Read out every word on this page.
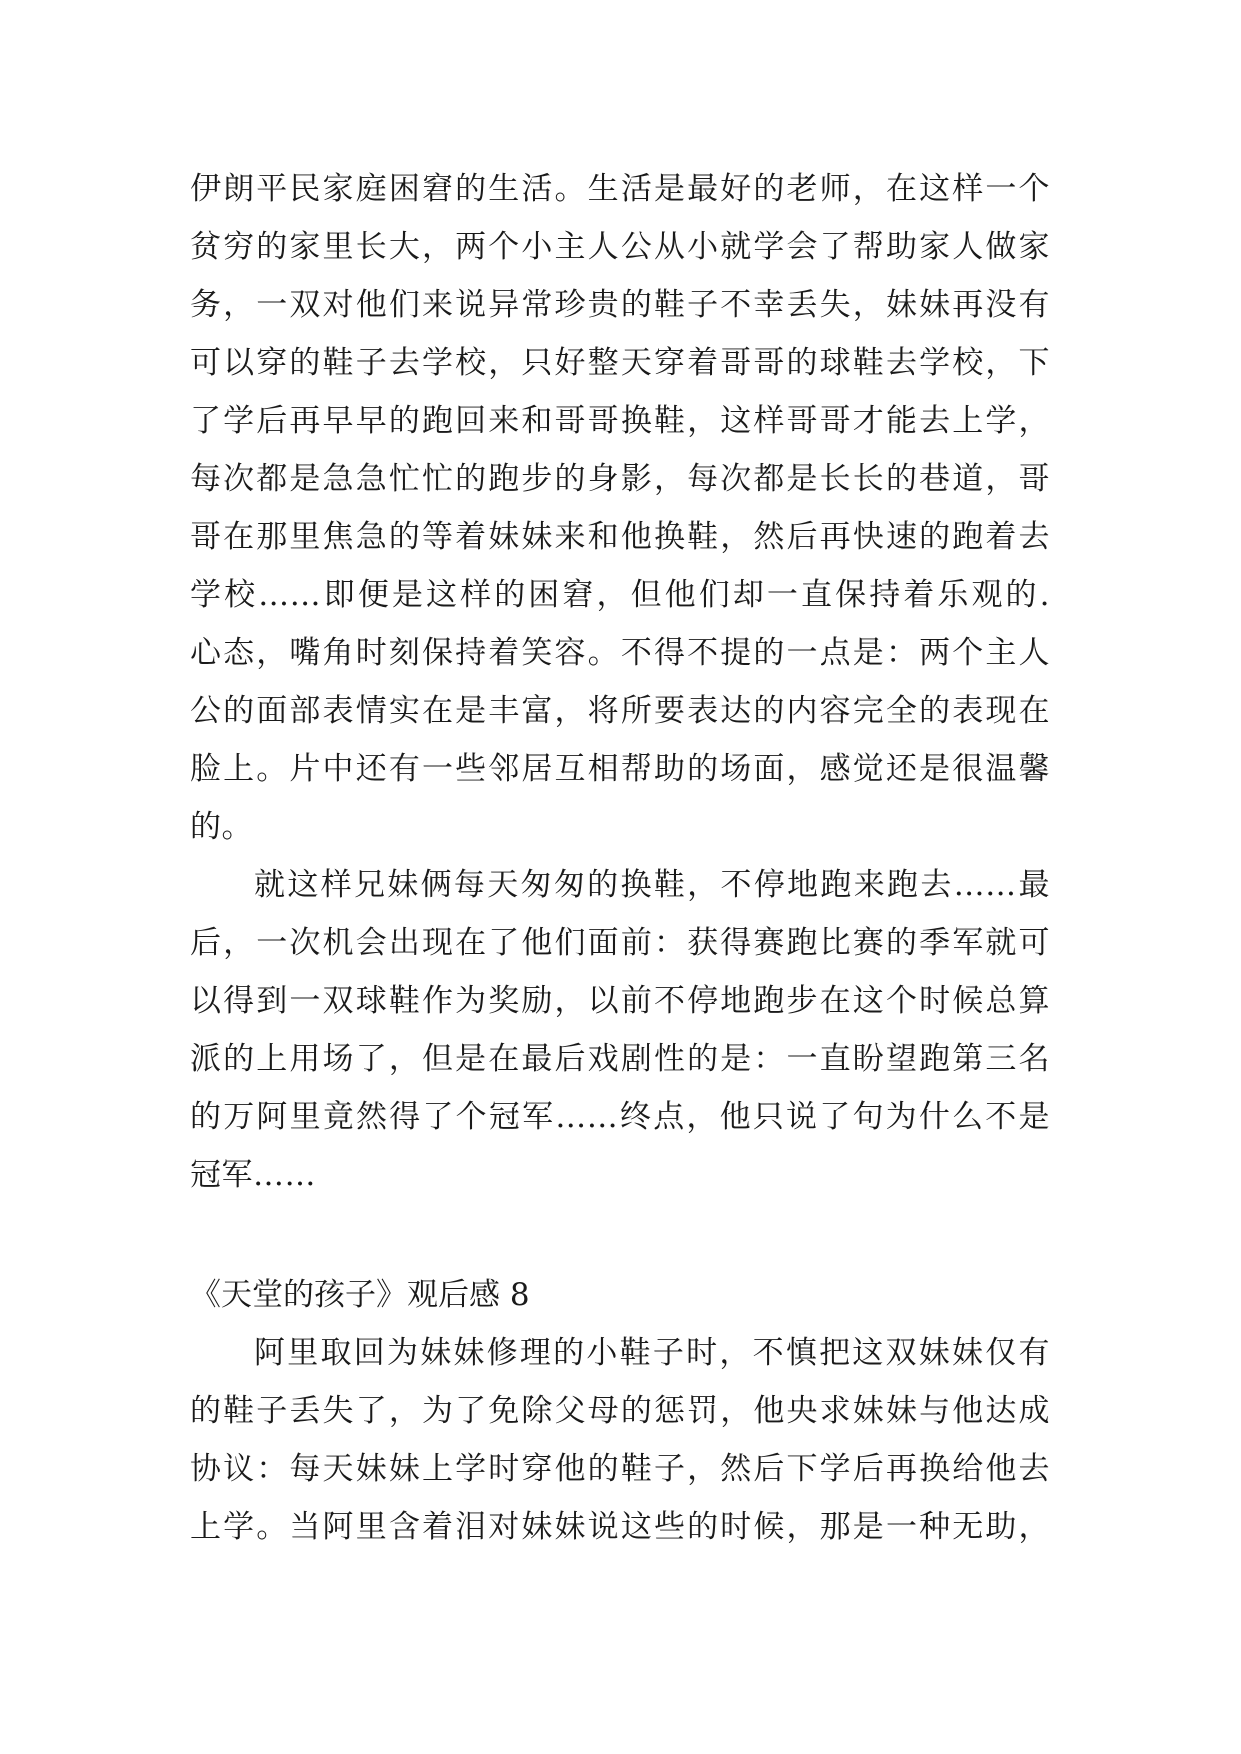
伊朗平民家庭困窘的生活。生活是最好的老师，在这样一个
贫穷的家里长大，两个小主人公从小就学会了帮助家人做家
务，一双对他们来说异常珍贵的鞋子不幸丢失，妹妹再没有
可以穿的鞋子去学校，只好整天穿着哥哥的球鞋去学校，下
了学后再早早的跑回来和哥哥换鞋，这样哥哥才能去上学，
每次都是急急忙忙的跑步的身影，每次都是长长的巷道，哥
哥在那里焦急的等着妹妹来和他换鞋，然后再快速的跑着去
学校……即便是这样的困窘，但他们却一直保持着乐观的.
心态，嘴角时刻保持着笑容。不得不提的一点是：两个主人
公的面部表情实在是丰富，将所要表达的内容完全的表现在
脸上。片中还有一些邻居互相帮助的场面，感觉还是很温馨
的。
就这样兄妹俩每天匆匆的换鞋，不停地跑来跑去……最
后，一次机会出现在了他们面前：获得赛跑比赛的季军就可
以得到一双球鞋作为奖励，以前不停地跑步在这个时候总算
派的上用场了，但是在最后戏剧性的是：一直盼望跑第三名
的万阿里竟然得了个冠军……终点，他只说了句为什么不是
冠军……
《天堂的孩子》观后感 8
阿里取回为妹妹修理的小鞋子时，不慎把这双妹妹仅有
的鞋子丢失了，为了免除父母的惩罚，他央求妹妹与他达成
协议：每天妹妹上学时穿他的鞋子，然后下学后再换给他去
上学。当阿里含着泪对妹妹说这些的时候，那是一种无助，
